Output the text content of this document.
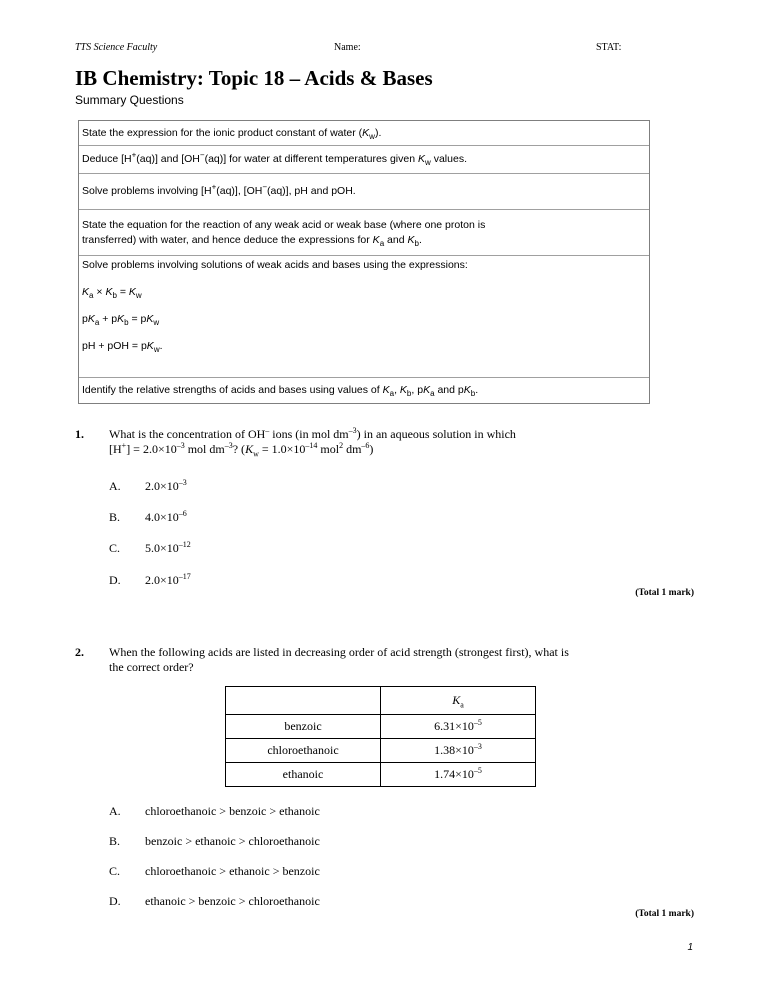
TTS Science Faculty	Name:	STAT:
IB Chemistry: Topic 18 – Acids & Bases
Summary Questions
State the expression for the ionic product constant of water $(K_w)$.
Deduce [H+(aq)] and [OH−(aq)] for water at different temperatures given $K_w$ values.
Solve problems involving [H+(aq)], [OH−(aq)], pH and pOH.
State the equation for the reaction of any weak acid or weak base (where one proton is
transferred) with water, and hence deduce the expressions for $K_a$ and $K_b$.
Solve problems involving solutions of weak acids and bases using the expressions:
$K_a \times K_b = K_w$
$pK_a + pK_b = pK_w$
pH + pOH = $pK_w$.
Identify the relative strengths of acids and bases using values of $K_a$, $K_b$, $pK_a$ and $pK_b$.
1. What is the concentration of OH– ions (in mol $dm^{-3}$) in an aqueous solution in which
$[H^+] = 2.0\times 10^{-3}$ mol $dm^{-3}$? ($K_w = 1.0\times 10^{-14}$ mol$^2$ $dm^{-6}$)
A. $2.0\times 10^{-3}$
B. $4.0\times 10^{-6}$
C. $5.0\times 10^{-12}$
D. $2.0\times 10^{-17}$
(Total 1 mark)
2. When the following acids are listed in decreasing order of acid strength (strongest first), what is
the correct order?
	$K_a$
benzoic	$6.31\times 10^{-5}$
chloroethanoic	$1.38\times 10^{-3}$
ethanoic	$1.74\times 10^{-5}$
A. chloroethanoic > benzoic > ethanoic
B. benzoic > ethanoic > chloroethanoic
C. chloroethanoic > ethanoic > benzoic
D. ethanoic > benzoic > chloroethanoic
(Total 1 mark)
1
